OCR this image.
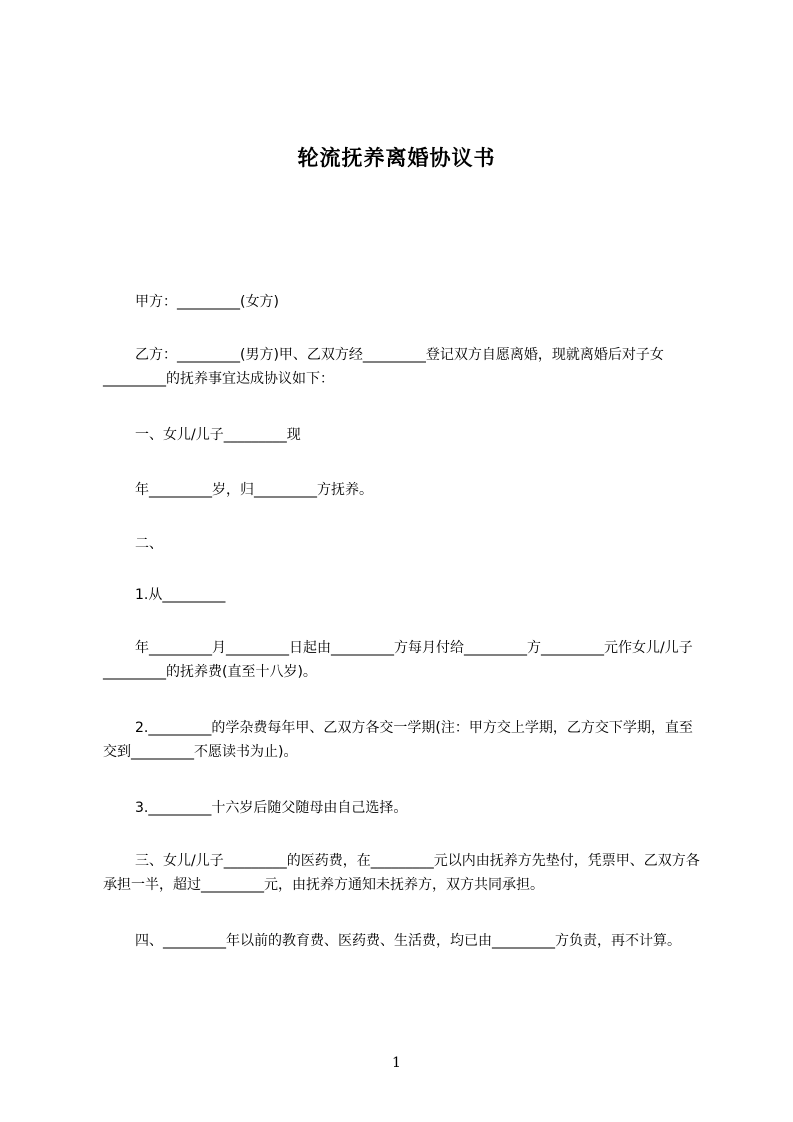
轮流抚养离婚协议书

甲方：_________(女方)

乙方：_________(男方)甲、乙双方经_________登记双方自愿离婚，现就离婚后对子女_________的抚养事宜达成协议如下：

一、女儿/儿子_________现

年_________岁，归_________方抚养。

二、

1.从_________

年_________月_________日起由_________方每月付给_________方_________元作女儿/儿子_________的抚养费(直至十八岁)。

2._________的学杂费每年甲、乙双方各交一学期(注：甲方交上学期，乙方交下学期，直至交到_________不愿读书为止)。

3._________十六岁后随父随母由自己选择。

三、女儿/儿子_________的医药费，在_________元以内由抚养方先垫付，凭票甲、乙双方各承担一半，超过_________元，由抚养方通知未抚养方，双方共同承担。

四、_________年以前的教育费、医药费、生活费，均已由_________方负责，再不计算。

1
